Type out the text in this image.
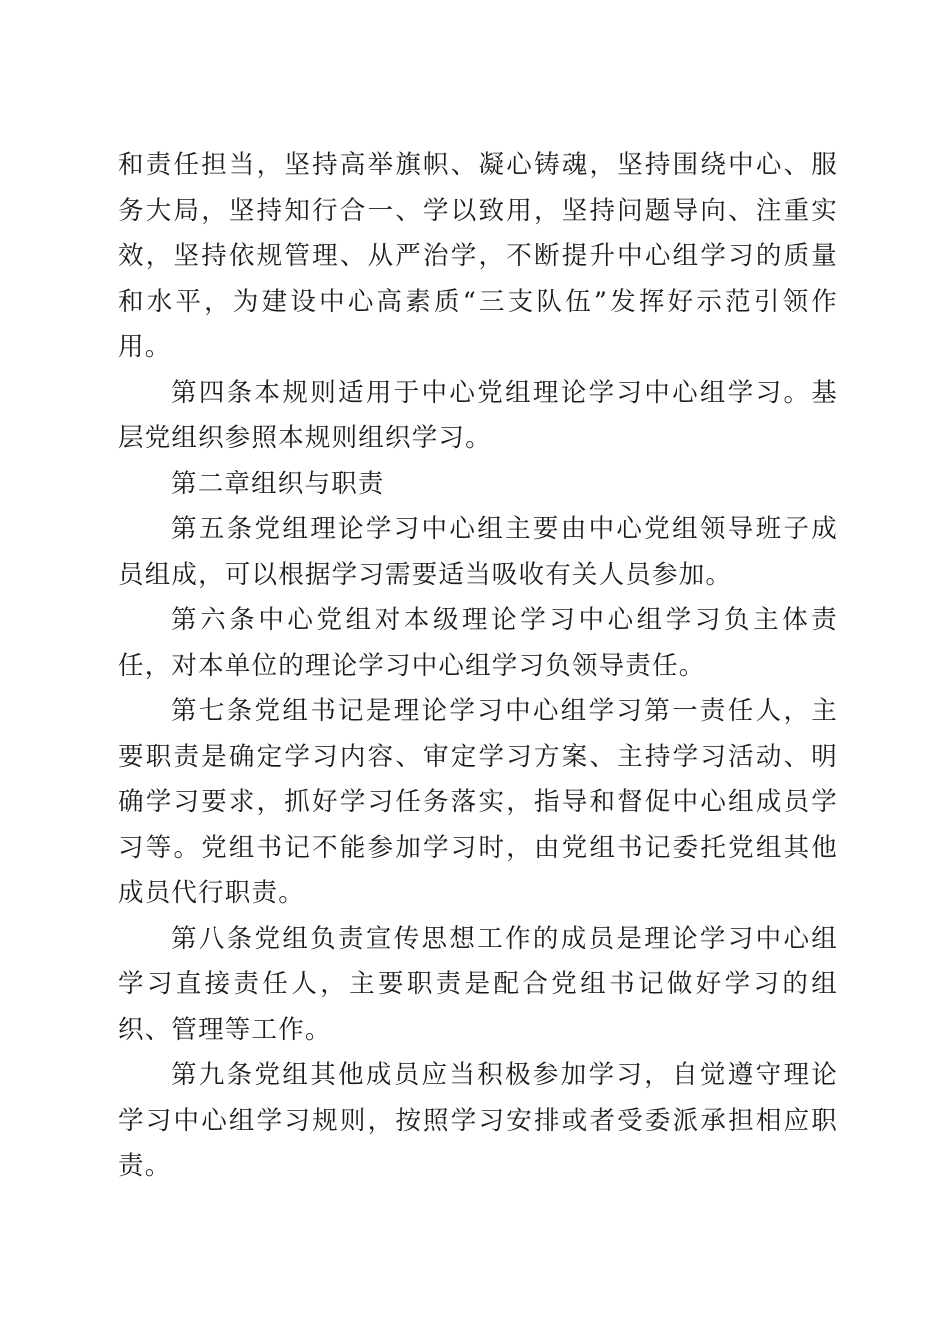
和责任担当，坚持高举旗帜、凝心铸魂，坚持围绕中心、服务大局，坚持知行合一、学以致用，坚持问题导向、注重实效，坚持依规管理、从严治学，不断提升中心组学习的质量和水平，为建设中心高素质“三支队伍”发挥好示范引领作用。

第四条本规则适用于中心党组理论学习中心组学习。基层党组织参照本规则组织学习。

第二章组织与职责

第五条党组理论学习中心组主要由中心党组领导班子成员组成，可以根据学习需要适当吸收有关人员参加。

第六条中心党组对本级理论学习中心组学习负主体责任，对本单位的理论学习中心组学习负领导责任。

第七条党组书记是理论学习中心组学习第一责任人，主要职责是确定学习内容、审定学习方案、主持学习活动、明确学习要求，抓好学习任务落实，指导和督促中心组成员学习等。党组书记不能参加学习时，由党组书记委托党组其他成员代行职责。

第八条党组负责宣传思想工作的成员是理论学习中心组学习直接责任人，主要职责是配合党组书记做好学习的组织、管理等工作。

第九条党组其他成员应当积极参加学习，自觉遵守理论学习中心组学习规则，按照学习安排或者受委派承担相应职责。
